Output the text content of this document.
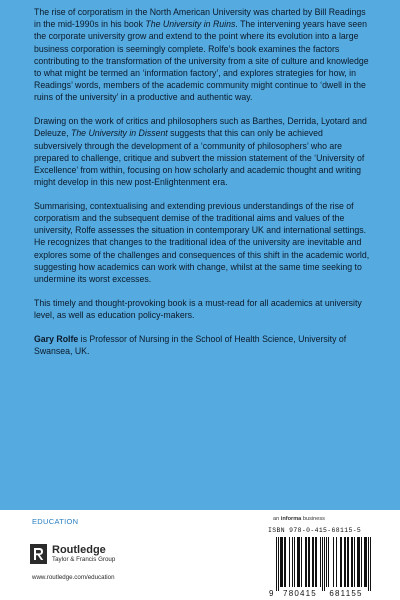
The rise of corporatism in the North American University was charted by Bill Readings in the mid-1990s in his book The University in Ruins. The intervening years have seen the corporate university grow and extend to the point where its evolution into a large business corporation is seemingly complete. Rolfe’s book examines the factors contributing to the transformation of the university from a site of culture and knowledge to what might be termed an ‘information factory’, and explores strategies for how, in Readings’ words, members of the academic community might continue to ‘dwell in the ruins of the university’ in a productive and authentic way.

Drawing on the work of critics and philosophers such as Barthes, Derrida, Lyotard and Deleuze, The University in Dissent suggests that this can only be achieved subversively through the development of a ‘community of philosophers’ who are prepared to challenge, critique and subvert the mission statement of the ‘University of Excellence’ from within, focusing on how scholarly and academic thought and writing might develop in this new post-Enlightenment era.

Summarising, contextualising and extending previous understandings of the rise of corporatism and the subsequent demise of the traditional aims and values of the university, Rolfe assesses the situation in contemporary UK and international settings. He recognizes that changes to the traditional idea of the university are inevitable and explores some of the challenges and consequences of this shift in the academic world, suggesting how academics can work with change, whilst at the same time seeking to undermine its worst excesses.

This timely and thought-provoking book is a must-read for all academics at university level, as well as education policy-makers.

Gary Rolfe is Professor of Nursing in the School of Health Science, University of Swansea, UK.

EDUCATION
Routledge
Taylor & Francis Group
www.routledge.com/education
an informa business
ISBN 978-0-415-68115-5
9 780415 681155
